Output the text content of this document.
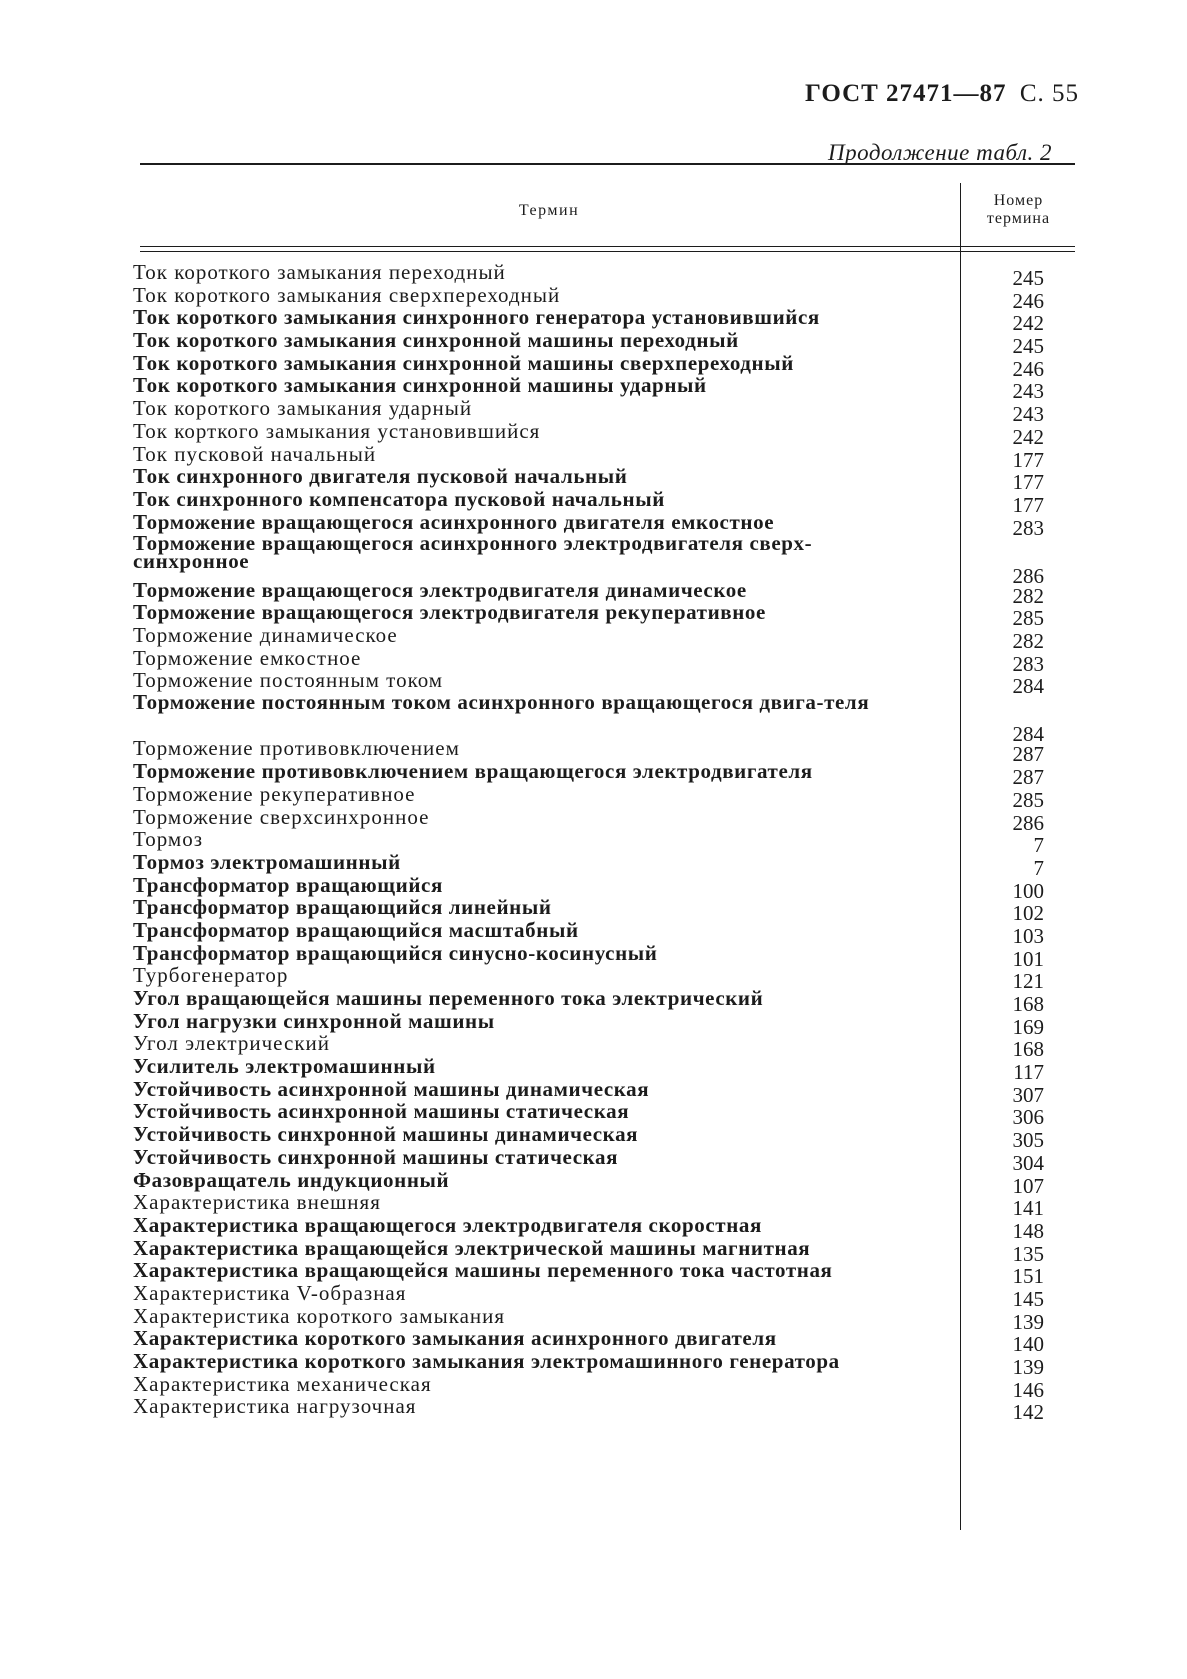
ГОСТ 27471—87 С. 55
Продолжение табл. 2
Термин
Номер
термина
Ток короткого замыкания переходный	245
Ток короткого замыкания сверхпереходный	246
Ток короткого замыкания синхронного генератора установившийся	242
Ток короткого замыкания синхронной машины переходный	245
Ток короткого замыкания синхронной машины сверхпереходный	246
Ток короткого замыкания синхронной машины ударный	243
Ток короткого замыкания ударный	243
Ток корткого замыкания установившийся	242
Ток пусковой начальный	177
Ток синхронного двигателя пусковой начальный	177
Ток синхронного компенсатора пусковой начальный	177
Торможение вращающегося асинхронного двигателя емкостное	283
Торможение вращающегося асинхронного электродвигателя сверх-синхронное
286
Торможение вращающегося электродвигателя динамическое	282
Торможение вращающегося электродвигателя рекуперативное	285
Торможение динамическое	282
Торможение емкостное	283
Торможение постоянным током	284
Торможение постоянным током асинхронного вращающегося двига-теля
284
Торможение противовключением	287
Торможение противовключением вращающегося электродвигателя	287
Торможение рекуперативное	285
Торможение сверхсинхронное	286
Тормоз	7
Тормоз электромашинный	7
Трансформатор вращающийся	100
Трансформатор вращающийся линейный	102
Трансформатор вращающийся масштабный	103
Трансформатор вращающийся синусно-косинусный	101
Турбогенератор	121
Угол вращающейся машины переменного тока электрический	168
Угол нагрузки синхронной машины	169
Угол электрический	168
Усилитель электромашинный	117
Устойчивость асинхронной машины динамическая	307
Устойчивость асинхронной машины статическая	306
Устойчивость синхронной машины динамическая	305
Устойчивость синхронной машины статическая	304
Фазовращатель индукционный	107
Характеристика внешняя	141
Характеристика вращающегося электродвигателя скоростная	148
Характеристика вращающейся электрической машины магнитная	135
Характеристика вращающейся машины переменного тока частотная	151
Характеристика V-образная	145
Характеристика короткого замыкания	139
Характеристика короткого замыкания асинхронного двигателя	140
Характеристика короткого замыкания электромашинного генератора	139
Характеристика механическая	146
Характеристика нагрузочная	142
